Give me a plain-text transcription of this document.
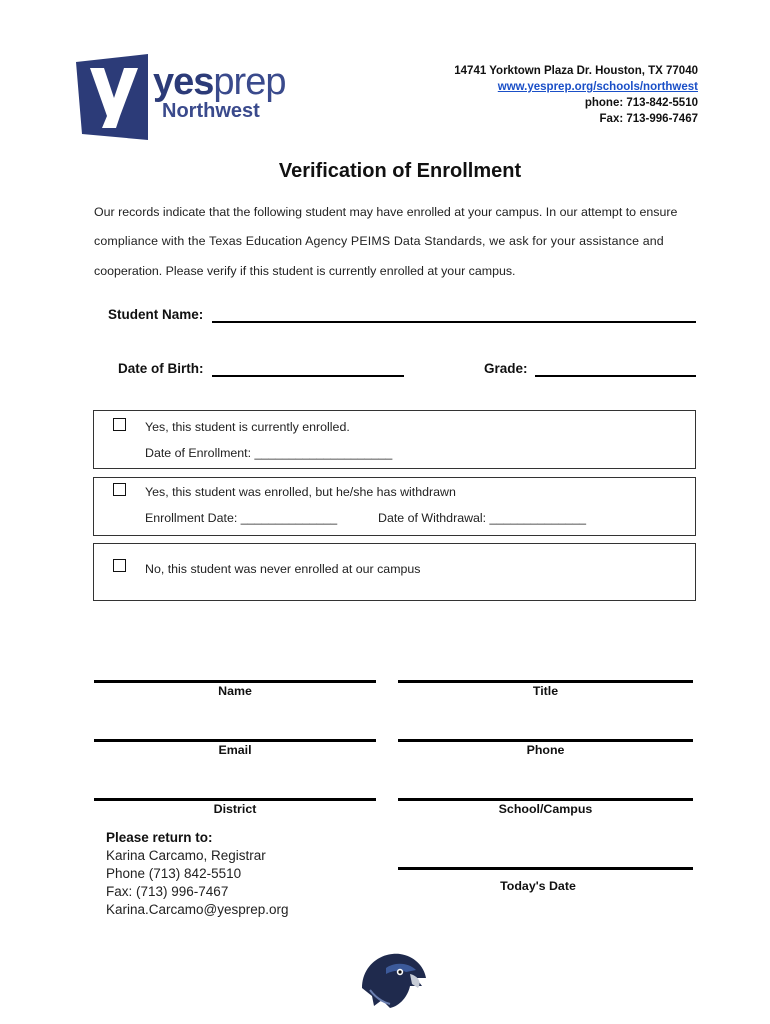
yesprep
Northwest
14741 Yorktown Plaza Dr. Houston, TX 77040
www.yesprep.org/schools/northwest
phone: 713-842-5510
Fax: 713-996-7467
Verification of Enrollment
Our records indicate that the following student may have enrolled at your campus. In our attempt to ensure
compliance with the Texas Education Agency PEIMS Data Standards, we ask for your assistance and
cooperation. Please verify if this student is currently enrolled at your campus.
Student Name:
Date of Birth:	Grade:
Yes, this student is currently enrolled.
Date of Enrollment: ____________________
Yes, this student was enrolled, but he/she has withdrawn
Enrollment Date: ______________	Date of Withdrawal: ______________
No, this student was never enrolled at our campus
Name	Title
Email	Phone
District	School/Campus
Today's Date
Please return to:
Karina Carcamo, Registrar
Phone (713) 842-5510
Fax: (713) 996-7467
Karina.Carcamo@yesprep.org
